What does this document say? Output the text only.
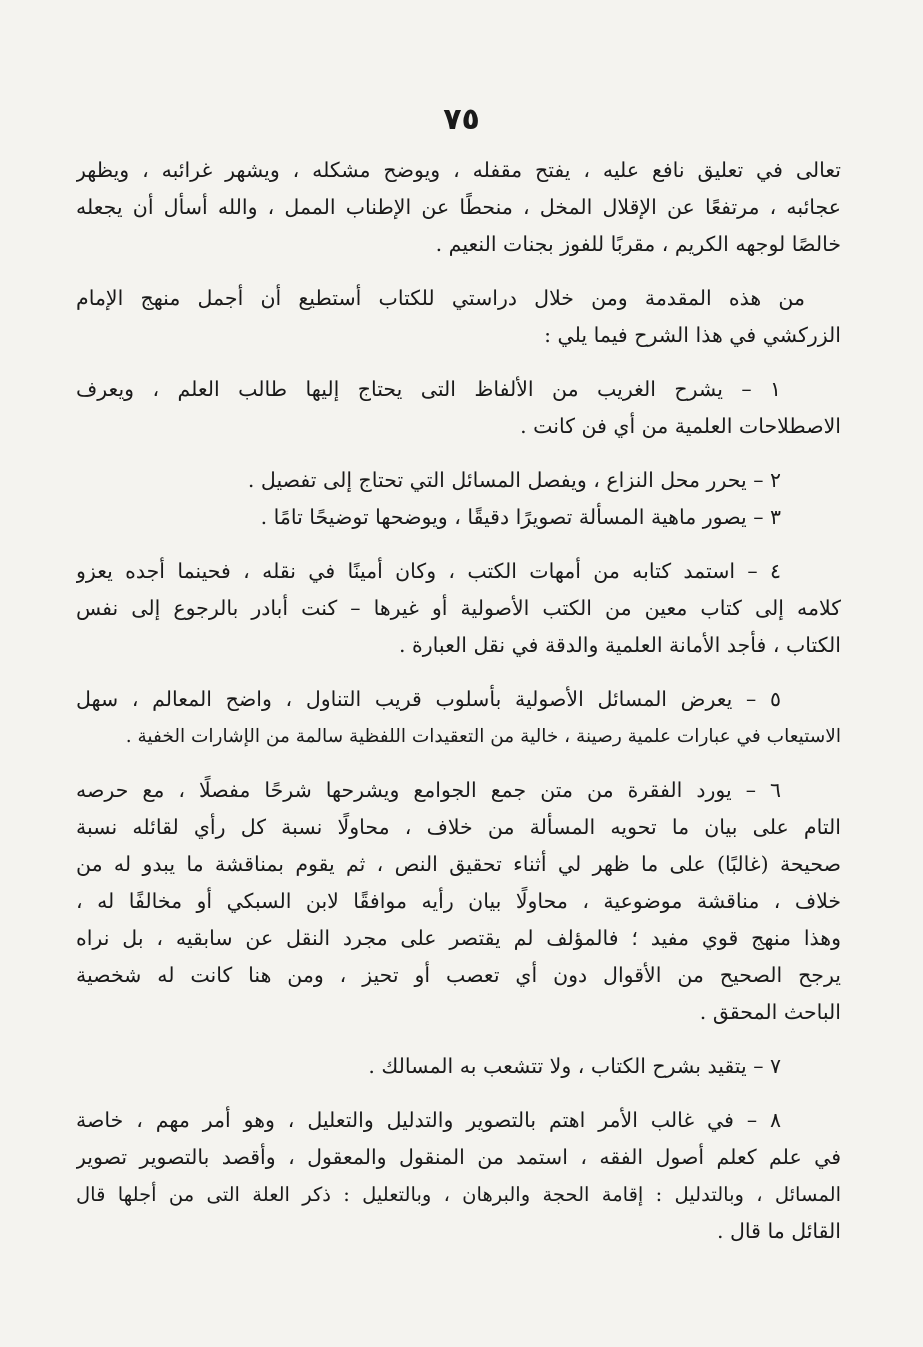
٧٥
تعالى في تعليق نافع عليه ، يفتح مقفله ، ويوضح مشكله ، ويشهر غرائبه ، ويظهر
عجائبه ، مرتفعًا عن الإقلال المخل ، منحطًا عن الإطناب الممل ، والله أسأل أن يجعله
خالصًا لوجهه الكريم ، مقربًا للفوز بجنات النعيم .
من هذه المقدمة ومن خلال دراستي للكتاب أستطيع أن أجمل منهج الإمام
الزركشي في هذا الشرح فيما يلي :
١ – يشرح الغريب من الألفاظ التى يحتاج إليها طالب العلم ، ويعرف
الاصطلاحات العلمية من أي فن كانت .
٢ – يحرر محل النزاع ، ويفصل المسائل التي تحتاج إلى تفصيل .
٣ – يصور ماهية المسألة تصويرًا دقيقًا ، ويوضحها توضيحًا تامًا .
٤ – استمد كتابه من أمهات الكتب ، وكان أمينًا في نقله ، فحينما أجده يعزو
كلامه إلى كتاب معين من الكتب الأصولية أو غيرها – كنت أبادر بالرجوع إلى نفس
الكتاب ، فأجد الأمانة العلمية والدقة في نقل العبارة .
٥ – يعرض المسائل الأصولية بأسلوب قريب التناول ، واضح المعالم ، سهل
الاستيعاب في عبارات علمية رصينة ، خالية من التعقيدات اللفظية سالمة من الإشارات الخفية .
٦ – يورد الفقرة من متن جمع الجوامع ويشرحها شرحًا مفصلًا ، مع حرصه
التام على بيان ما تحويه المسألة من خلاف ، محاولًا نسبة كل رأي لقائله نسبة
صحيحة (غالبًا) على ما ظهر لي أثناء تحقيق النص ، ثم يقوم بمناقشة ما يبدو له من
خلاف ، مناقشة موضوعية ، محاولًا بيان رأيه موافقًا لابن السبكي أو مخالفًا له ،
وهذا منهج قوي مفيد ؛ فالمؤلف لم يقتصر على مجرد النقل عن سابقيه ، بل نراه
يرجح الصحيح من الأقوال دون أي تعصب أو تحيز ، ومن هنا كانت له شخصية
الباحث المحقق .
٧ – يتقيد بشرح الكتاب ، ولا تتشعب به المسالك .
٨ – في غالب الأمر اهتم بالتصوير والتدليل والتعليل ، وهو أمر مهم ، خاصة
في علم كعلم أصول الفقه ، استمد من المنقول والمعقول ، وأقصد بالتصوير تصوير
المسائل ، وبالتدليل : إقامة الحجة والبرهان ، وبالتعليل : ذكر العلة التى من أجلها قال
القائل ما قال .
